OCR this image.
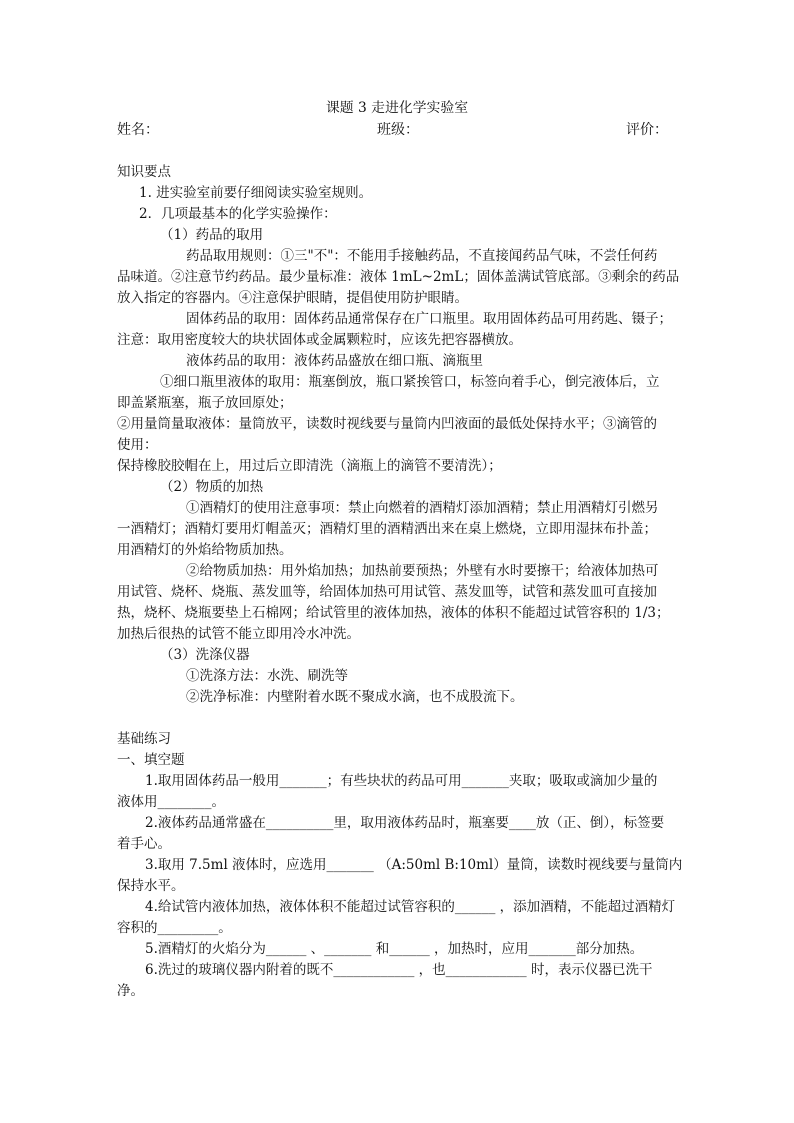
课题 3 走进化学实验室
姓名：	班级：	评价：
知识要点
1. 进实验室前要仔细阅读实验室规则。
2．几项最基本的化学实验操作：
（1）药品的取用
药品取用规则：①三"不"：不能用手接触药品，不直接闻药品气味，不尝任何药
品味道。②注意节约药品。最少量标准：液体 1mL~2mL；固体盖满试管底部。③剩余的药品
放入指定的容器内。④注意保护眼睛，提倡使用防护眼睛。
固体药品的取用：固体药品通常保存在广口瓶里。取用固体药品可用药匙、镊子；
注意：取用密度较大的块状固体或金属颗粒时，应该先把容器横放。
液体药品的取用：液体药品盛放在细口瓶、滴瓶里
①细口瓶里液体的取用：瓶塞倒放，瓶口紧挨管口，标签向着手心，倒完液体后，立
即盖紧瓶塞，瓶子放回原处；
②用量筒量取液体：量筒放平，读数时视线要与量筒内凹液面的最低处保持水平；③滴管的
使用：
保持橡胶胶帽在上，用过后立即清洗（滴瓶上的滴管不要清洗）；
（2）物质的加热
①酒精灯的使用注意事项：禁止向燃着的酒精灯添加酒精；禁止用酒精灯引燃另
一酒精灯；酒精灯要用灯帽盖灭；酒精灯里的酒精洒出来在桌上燃烧，立即用湿抹布扑盖；
用酒精灯的外焰给物质加热。
②给物质加热：用外焰加热；加热前要预热；外壁有水时要擦干；给液体加热可
用试管、烧杯、烧瓶、蒸发皿等，给固体加热可用试管、蒸发皿等，试管和蒸发皿可直接加
热，烧杯、烧瓶要垫上石棉网；给试管里的液体加热，液体的体积不能超过试管容积的 1/3；
加热后很热的试管不能立即用冷水冲洗。
（3）洗涤仪器
①洗涤方法：水洗、刷洗等
②洗净标准：内壁附着水既不聚成水滴，也不成股流下。
基础练习
一、填空题
1.取用固体药品一般用_______；有些块状的药品可用_______夹取；吸取或滴加少量的
液体用________。
2.液体药品通常盛在__________里，取用液体药品时，瓶塞要____放（正、倒），标签要
着手心。
3.取用 7.5ml 液体时，应选用_______ （A:50ml B:10ml）量筒，读数时视线要与量筒内
保持水平。
4.给试管内液体加热，液体体积不能超过试管容积的______ ，添加酒精，不能超过酒精灯
容积的_________。
5.酒精灯的火焰分为______ 、_______ 和______ ，加热时，应用_______部分加热。
6.洗过的玻璃仪器内附着的既不____________ ，也____________ 时，表示仪器已洗干
净。
